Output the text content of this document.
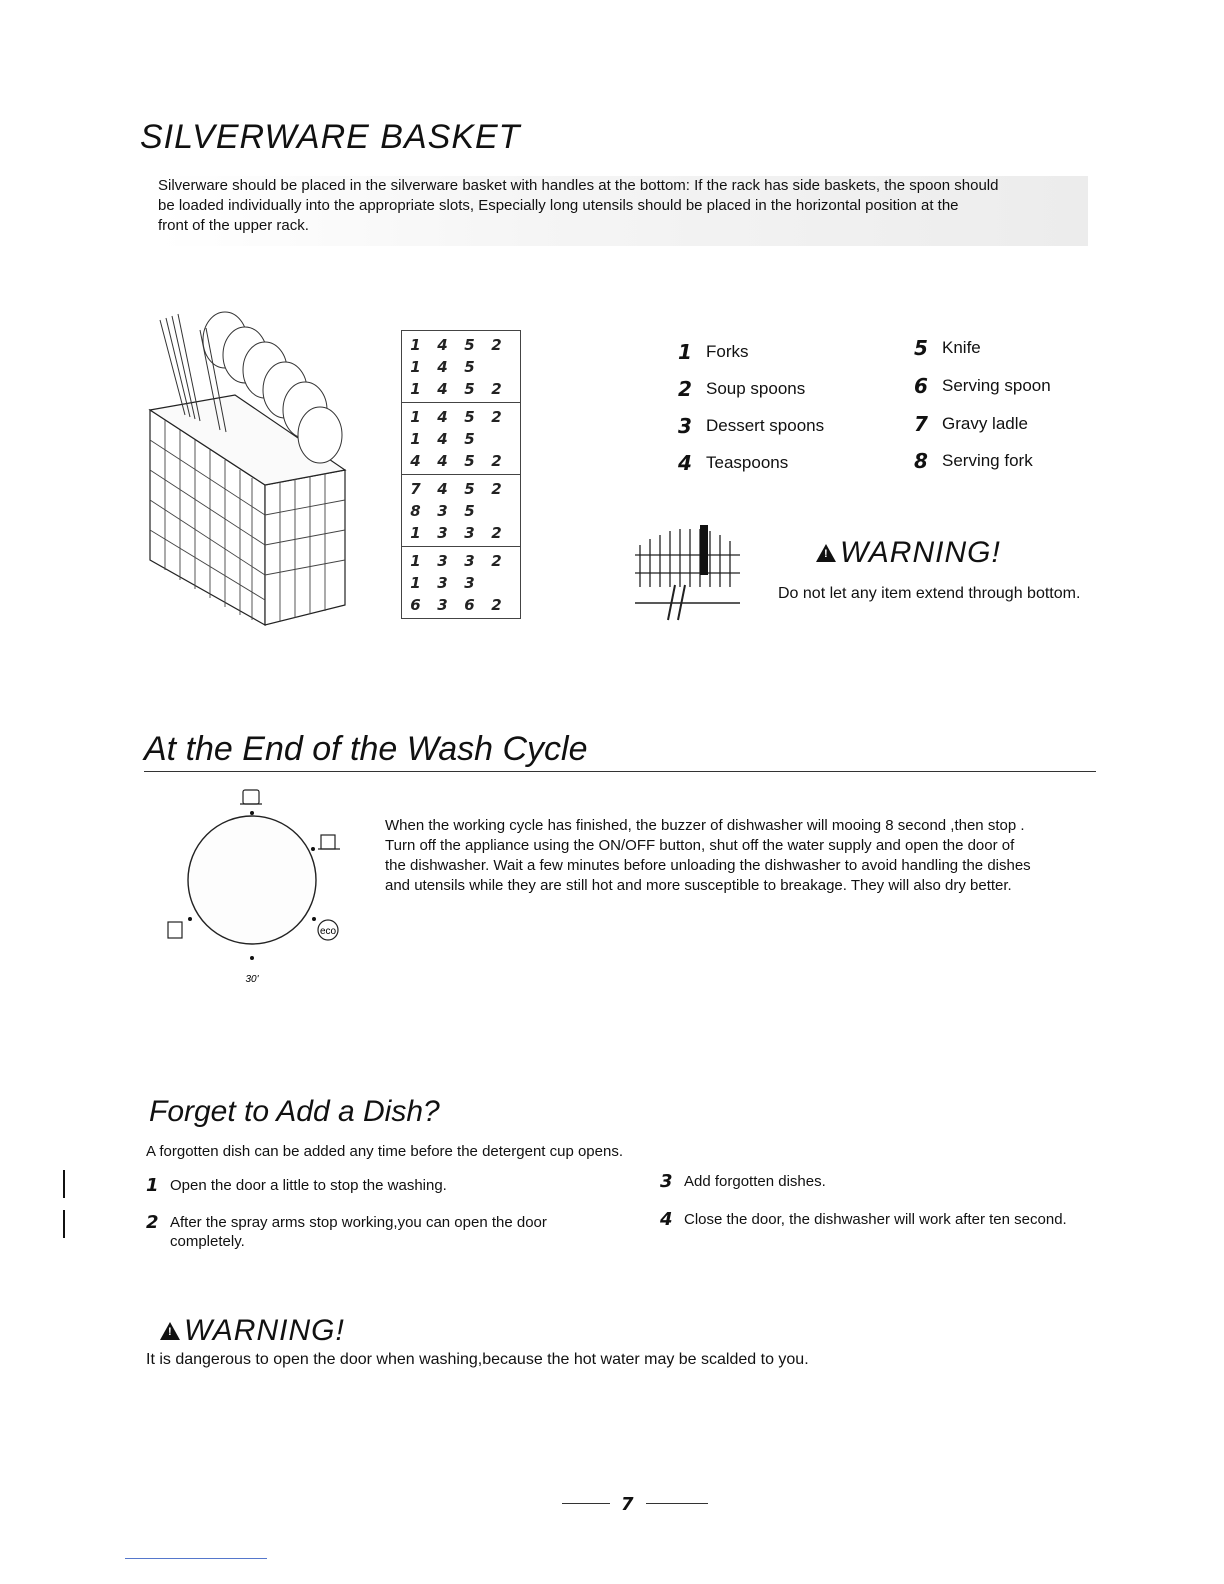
SILVERWARE BASKET
Silverware should be placed in the silverware basket with handles at the bottom: If the rack has side baskets, the spoon should
be loaded individually into the appropriate slots, Especially long utensils should be placed in the horizontal position at the
front of the upper rack.
1	4	5	2
1	4	5
1	4	5	2
1	4	5	2
1	4	5
4	4	5	2
7	4	5	2
8	3	5
1	3	3	2
1	3	3	2
1	3	3
6	3	6	2
1 Forks
2 Soup spoons
3 Dessert spoons
4 Teaspoons
5 Knife
6 Serving spoon
7 Gravy ladle
8 Serving fork
!
WARNING!
Do not let any item extend through bottom.
At the End of the Wash Cycle
eco
30'
When the working cycle has finished, the buzzer of dishwasher will mooing 8 second ,then stop .
Turn off the appliance using the ON/OFF button, shut off the water supply and open the door of
the dishwasher. Wait a few minutes before unloading the dishwasher to avoid handling the dishes
and utensils while they are still hot and more susceptible to breakage. They will also dry better.
Forget to Add a Dish?
A forgotten dish can be added any time before the detergent cup opens.
1 Open the door a little to stop the washing.
2 After the spray arms stop working,you can open the door
completely.
3 Add forgotten dishes.
4 Close the door, the dishwasher will work after ten second.
!
WARNING!
It is dangerous to open the door when washing,because the hot water may be scalded to you.
7
